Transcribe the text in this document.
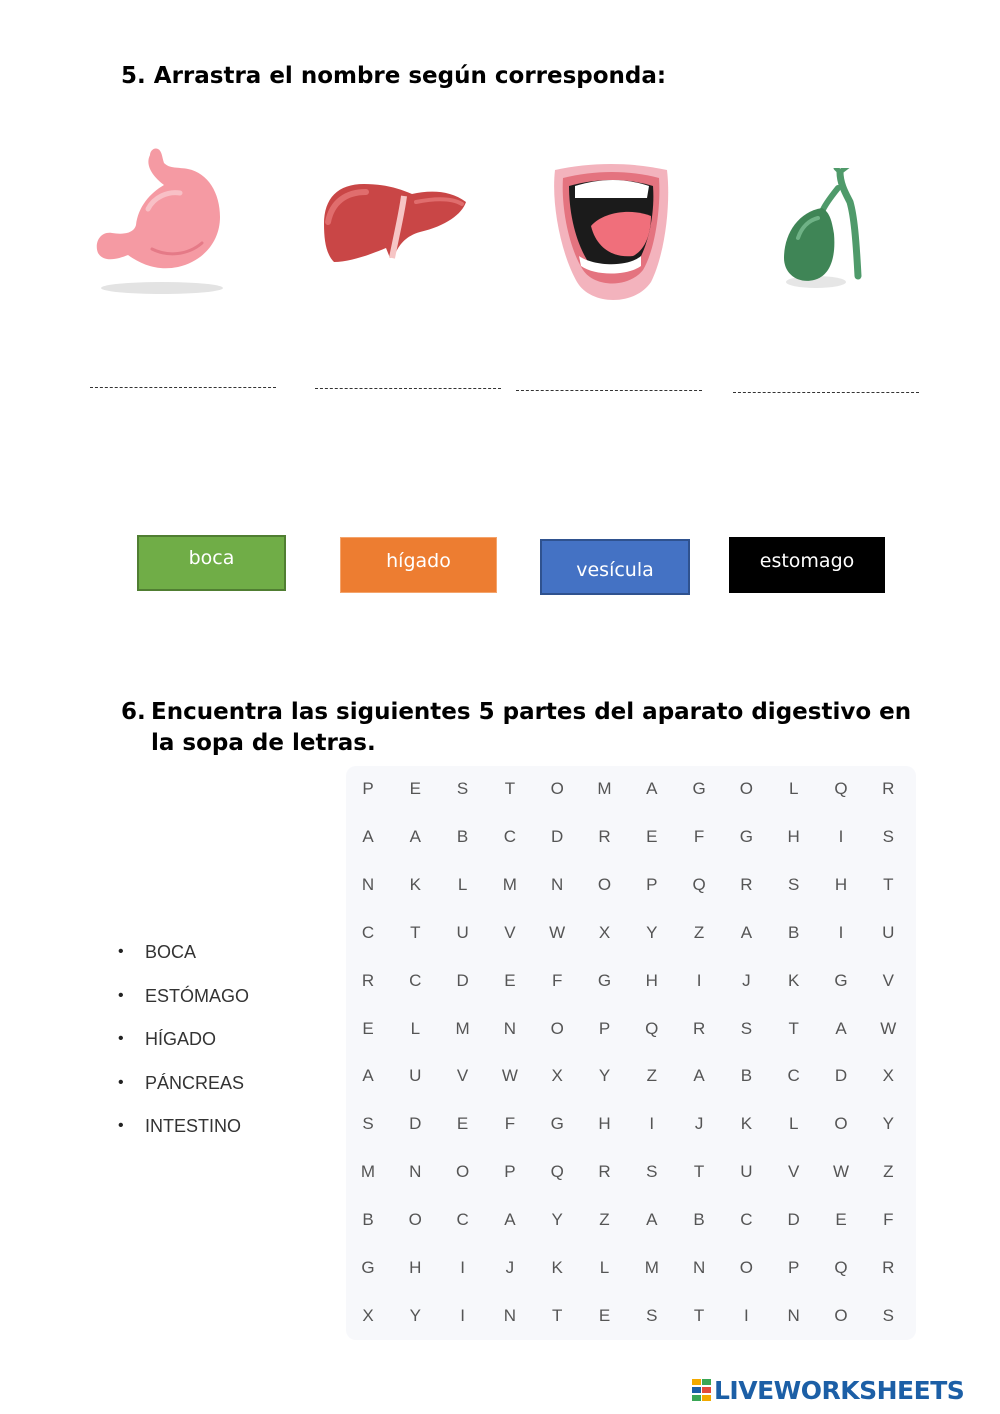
5. Arrastra el nombre según corresponda:
boca	hígado	vesícula	estomago
6. Encuentra las siguientes 5 partes del aparato digestivo en la sopa de letras.
• BOCA
• ESTÓMAGO
• HÍGADO
• PÁNCREAS
• INTESTINO
P	E	S	T	O	M	A	G	O	L	Q	R
A	A	B	C	D	R	E	F	G	H	I	S
N	K	L	M	N	O	P	Q	R	S	H	T
C	T	U	V	W	X	Y	Z	A	B	I	U
R	C	D	E	F	G	H	I	J	K	G	V
E	L	M	N	O	P	Q	R	S	T	A	W
A	U	V	W	X	Y	Z	A	B	C	D	X
S	D	E	F	G	H	I	J	K	L	O	Y
M	N	O	P	Q	R	S	T	U	V	W	Z
B	O	C	A	Y	Z	A	B	C	D	E	F
G	H	I	J	K	L	M	N	O	P	Q	R
X	Y	I	N	T	E	S	T	I	N	O	S
LIVEWORKSHEETS
